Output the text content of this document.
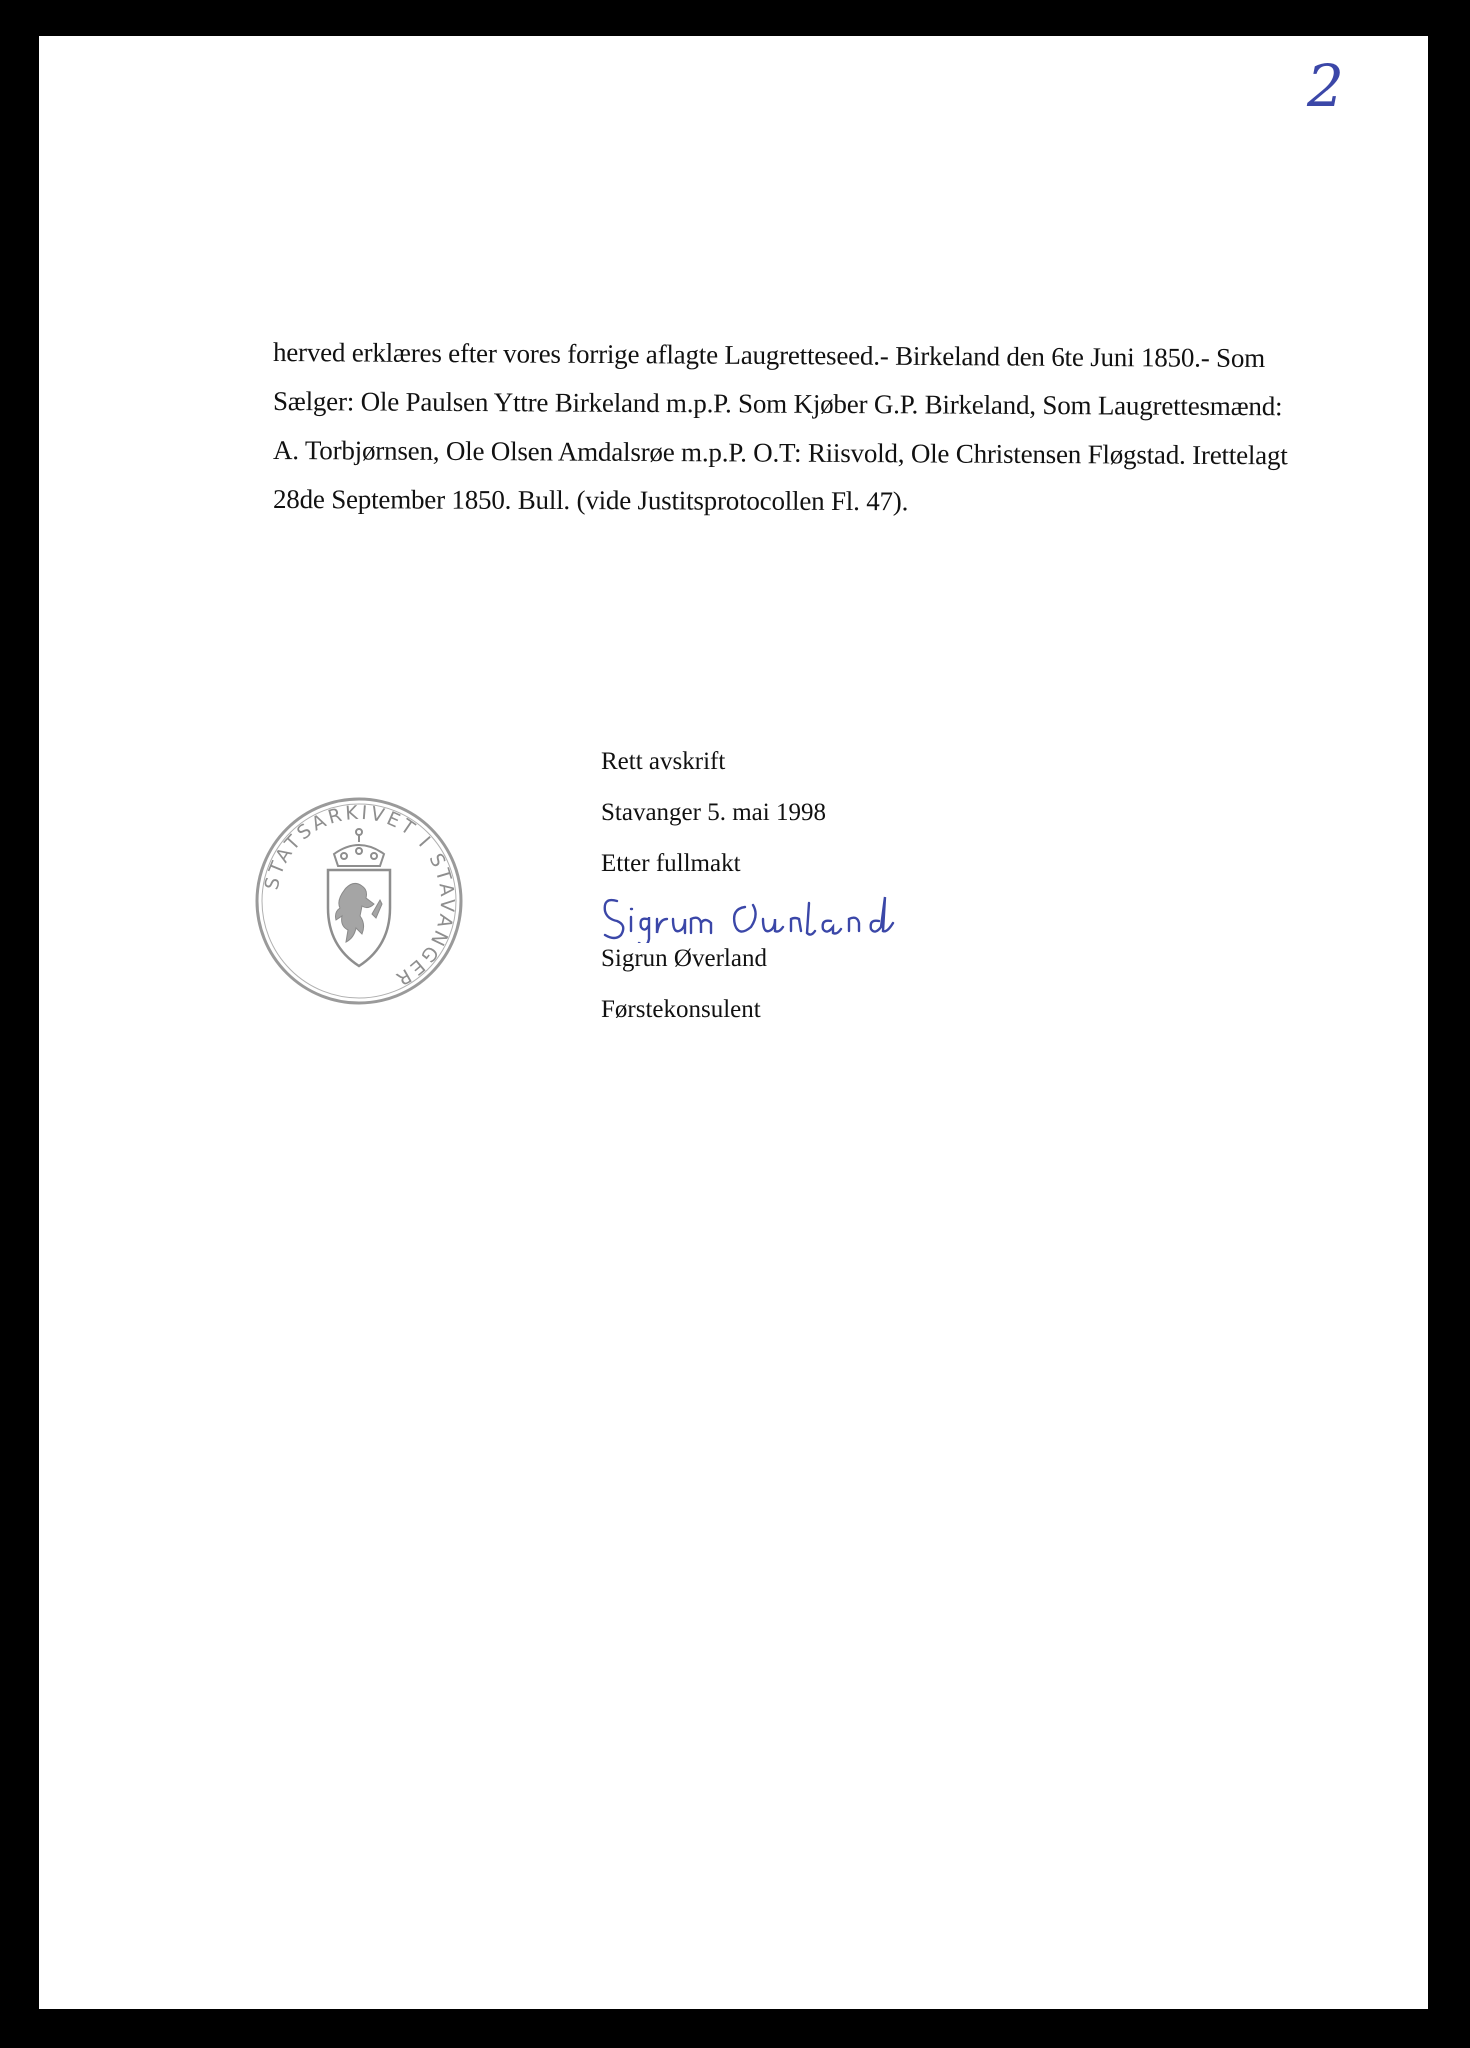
2
herved erklæres efter vores forrige aflagte Laugretteseed.- Birkeland den 6te Juni 1850.- Som
Sælger: Ole Paulsen Yttre Birkeland m.p.P. Som Kjøber G.P. Birkeland, Som Laugrettesmænd:
A. Torbjørnsen, Ole Olsen Amdalsrøe m.p.P. O.T: Riisvold, Ole Christensen Fløgstad. Irettelagt
28de September 1850. Bull. (vide Justitsprotocollen Fl. 47).
STATSARKIVET I STAVANGER
Rett avskrift
Stavanger 5. mai 1998
Etter fullmakt
Sigrun Øverland
Førstekonsulent
